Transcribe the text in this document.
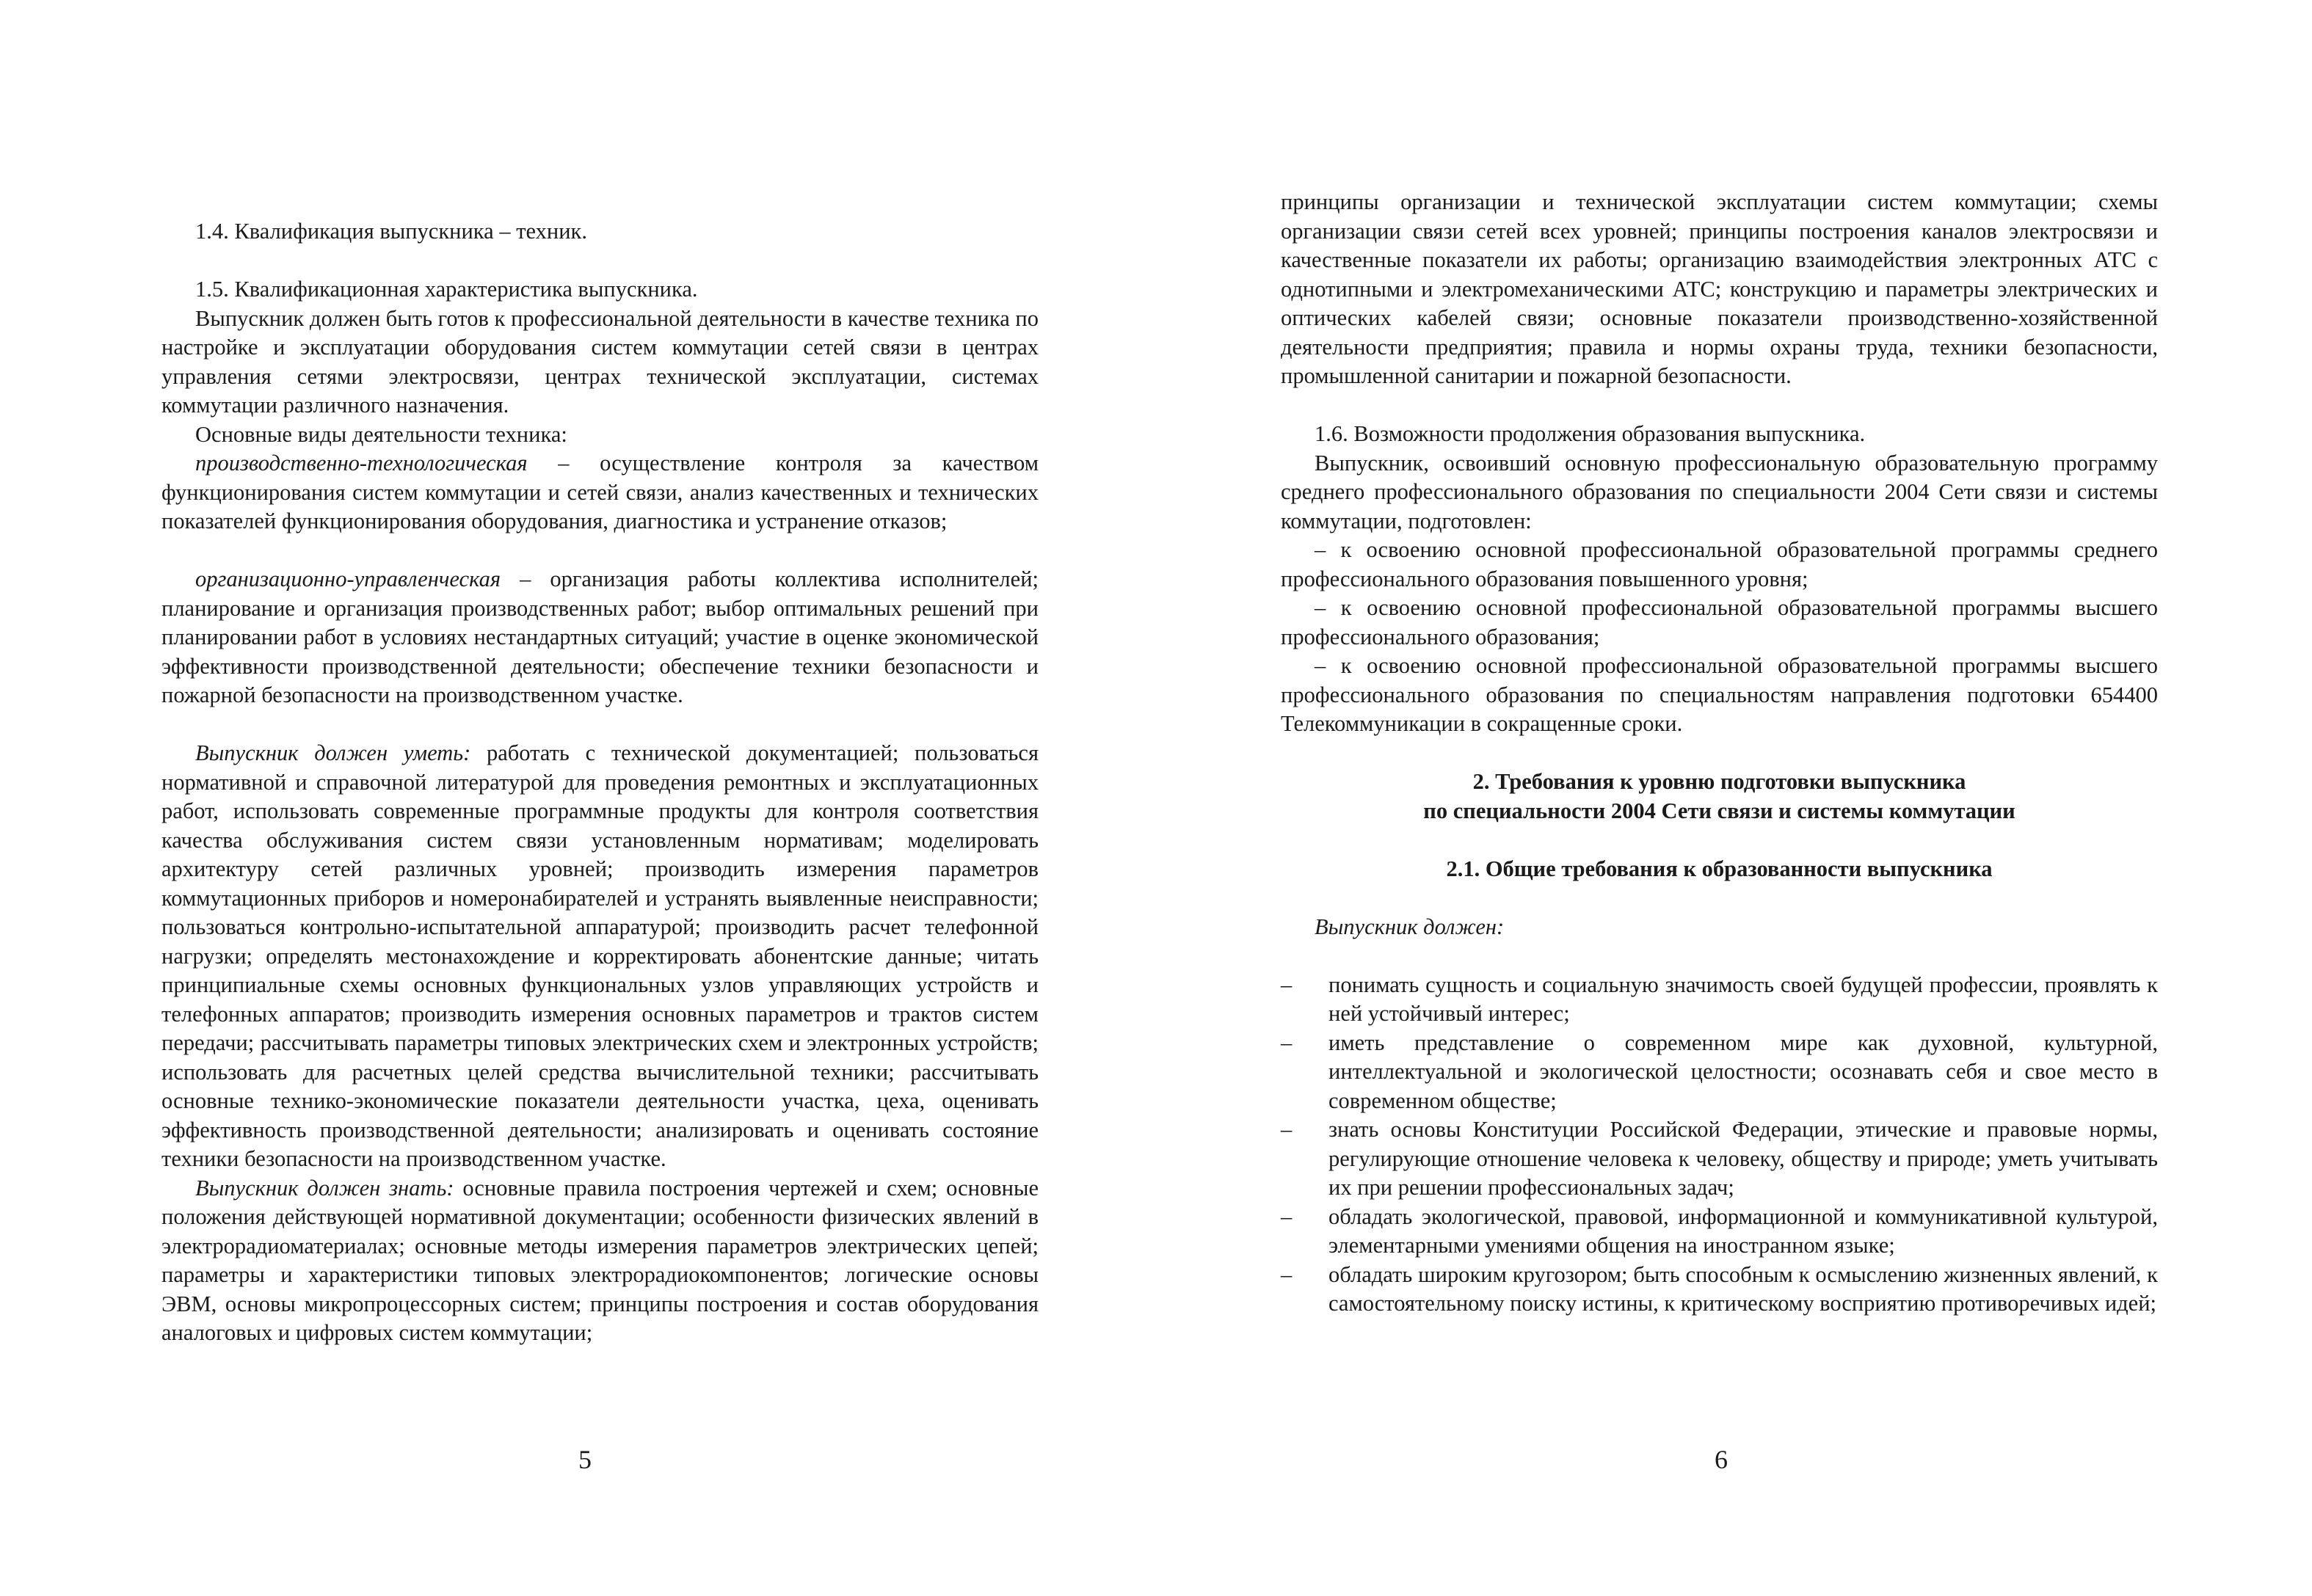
1.4. Квалификация выпускника – техник.

1.5. Квалификационная характеристика выпускника.

Выпускник должен быть готов к профессиональной деятельности в качестве техника по настройке и эксплуатации оборудования систем коммутации сетей связи в центрах управления сетями электросвязи, центрах технической эксплуатации, системах коммутации различного назначения.

Основные виды деятельности техника:

производственно-технологическая – осуществление контроля за качеством функционирования систем коммутации и сетей связи, анализ качественных и технических показателей функционирования оборудования, диагностика и устранение отказов;

организационно-управленческая – организация работы коллектива исполнителей; планирование и организация производственных работ; выбор оптимальных решений при планировании работ в условиях нестандартных ситуаций; участие в оценке экономической эффективности производственной деятельности; обеспечение техники безопасности и пожарной безопасности на производственном участке.

Выпускник должен уметь: работать с технической документацией; пользоваться нормативной и справочной литературой для проведения ремонтных и эксплуатационных работ, использовать современные программные продукты для контроля соответствия качества обслуживания систем связи установленным нормативам; моделировать архитектуру сетей различных уровней; производить измерения параметров коммутационных приборов и номеронабирателей и устранять выявленные неисправности; пользоваться контрольно-испытательной аппаратурой; производить расчет телефонной нагрузки; определять местонахождение и корректировать абонентские данные; читать принципиальные схемы основных функциональных узлов управляющих устройств и телефонных аппаратов; производить измерения основных параметров и трактов систем передачи; рассчитывать параметры типовых электрических схем и электронных устройств; использовать для расчетных целей средства вычислительной техники; рассчитывать основные технико-экономические показатели деятельности участка, цеха, оценивать эффективность производственной деятельности; анализировать и оценивать состояние техники безопасности на производственном участке.

Выпускник должен знать: основные правила построения чертежей и схем; основные положения действующей нормативной документации; особенности физических явлений в электрорадиоматериалах; основные методы измерения параметров электрических цепей; параметры и характеристики типовых электрорадиокомпонентов; логические основы ЭВМ, основы микропроцессорных систем; принципы построения и состав оборудования аналоговых и цифровых систем коммутации;

5

принципы организации и технической эксплуатации систем коммутации; схемы организации связи сетей всех уровней; принципы построения каналов электросвязи и качественные показатели их работы; организацию взаимодействия электронных АТС с однотипными и электромеханическими АТС; конструкцию и параметры электрических и оптических кабелей связи; основные показатели производственно-хозяйственной деятельности предприятия; правила и нормы охраны труда, техники безопасности, промышленной санитарии и пожарной безопасности.

1.6. Возможности продолжения образования выпускника.

Выпускник, освоивший основную профессиональную образовательную программу среднего профессионального образования по специальности 2004 Сети связи и системы коммутации, подготовлен:

– к освоению основной профессиональной образовательной программы среднего профессионального образования повышенного уровня;

– к освоению основной профессиональной образовательной программы высшего профессионального образования;

– к освоению основной профессиональной образовательной программы высшего профессионального образования по специальностям направления подготовки 654400 Телекоммуникации в сокращенные сроки.

2. Требования к уровню подготовки выпускника

по специальности 2004 Сети связи и системы коммутации

2.1. Общие требования к образованности выпускника

Выпускник должен:

– понимать сущность и социальную значимость своей будущей профессии, проявлять к ней устойчивый интерес;
– иметь представление о современном мире как духовной, культурной, интеллектуальной и экологической целостности; осознавать себя и свое место в современном обществе;
– знать основы Конституции Российской Федерации, этические и правовые нормы, регулирующие отношение человека к человеку, обществу и природе; уметь учитывать их при решении профессиональных задач;
– обладать экологической, правовой, информационной и коммуникативной культурой, элементарными умениями общения на иностранном языке;
– обладать широким кругозором; быть способным к осмыслению жизненных явлений, к самостоятельному поиску истины, к критическому восприятию противоречивых идей;
6
